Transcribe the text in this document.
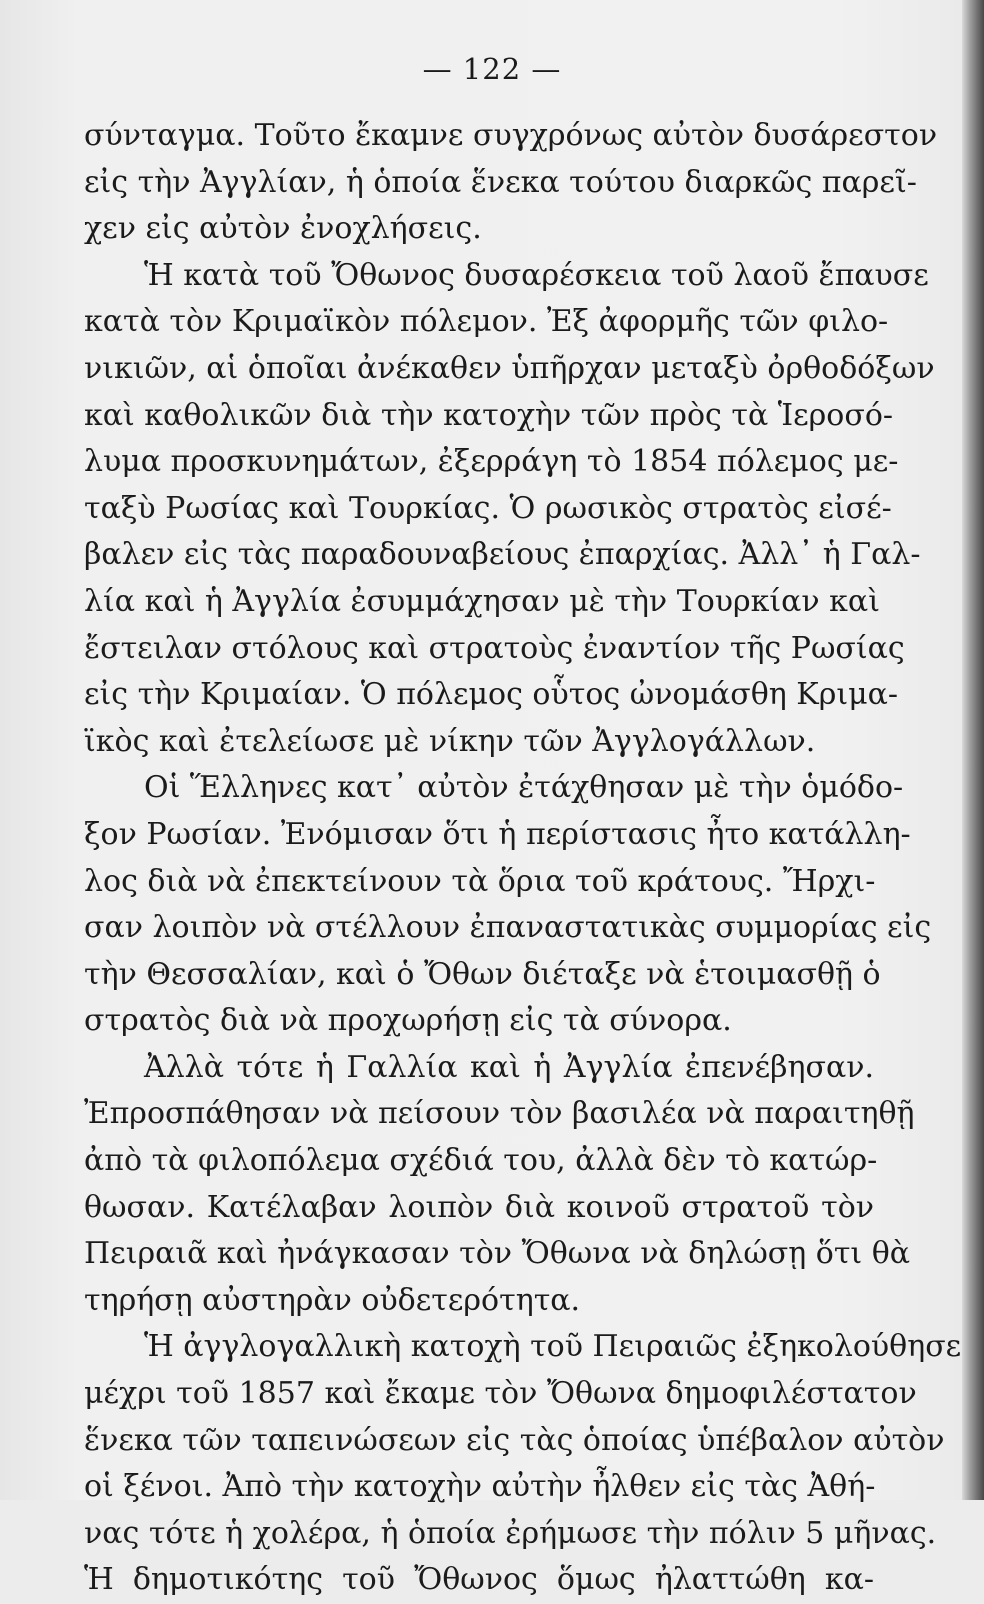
— 122 —
σύνταγμα. Τοῦτο ἔκαμνε συγχρόνως αὐτὸν δυσάρεστον
εἰς τὴν Ἀγγλίαν, ἡ ὁποία ἕνεκα τούτου διαρκῶς παρεῖ-
χεν εἰς αὐτὸν ἐνοχλήσεις.
Ἡ κατὰ τοῦ Ὄθωνος δυσαρέσκεια τοῦ λαοῦ ἔπαυσε
κατὰ τὸν Κριμαϊκὸν πόλεμον. Ἐξ ἀφορμῆς τῶν φιλο-
νικιῶν, αἱ ὁποῖαι ἀνέκαθεν ὑπῆρχαν μεταξὺ ὀρθοδόξων
καὶ καθολικῶν διὰ τὴν κατοχὴν τῶν πρὸς τὰ Ἱεροσό-
λυμα προσκυνημάτων, ἐξερράγη τὸ 1854 πόλεμος με-
ταξὺ Ρωσίας καὶ Τουρκίας. Ὁ ρωσικὸς στρατὸς εἰσέ-
βαλεν εἰς τὰς παραδουναβείους ἐπαρχίας. Ἀλλ᾽ ἡ Γαλ-
λία καὶ ἡ Ἀγγλία ἐσυμμάχησαν μὲ τὴν Τουρκίαν καὶ
ἔστειλαν στόλους καὶ στρατοὺς ἐναντίον τῆς Ρωσίας
εἰς τὴν Κριμαίαν. Ὁ πόλεμος οὗτος ὠνομάσθη Κριμα-
ϊκὸς καὶ ἐτελείωσε μὲ νίκην τῶν Ἀγγλογάλλων.
Οἱ Ἕλληνες κατ᾽ αὐτὸν ἐτάχθησαν μὲ τὴν ὁμόδο-
ξον Ρωσίαν. Ἐνόμισαν ὅτι ἡ περίστασις ἦτο κατάλλη-
λος διὰ νὰ ἐπεκτείνουν τὰ ὅρια τοῦ κράτους. Ἤρχι-
σαν λοιπὸν νὰ στέλλουν ἐπαναστατικὰς συμμορίας εἰς
τὴν Θεσσαλίαν, καὶ ὁ Ὄθων διέταξε νὰ ἑτοιμασθῇ ὁ
στρατὸς διὰ νὰ προχωρήσῃ εἰς τὰ σύνορα.
Ἀλλὰ τότε ἡ Γαλλία καὶ ἡ Ἀγγλία ἐπενέβησαν.
Ἐπροσπάθησαν νὰ πείσουν τὸν βασιλέα νὰ παραιτηθῇ
ἀπὸ τὰ φιλοπόλεμα σχέδιά του, ἀλλὰ δὲν τὸ κατώρ-
θωσαν. Κατέλαβαν λοιπὸν διὰ κοινοῦ στρατοῦ τὸν
Πειραιᾶ καὶ ἠνάγκασαν τὸν Ὄθωνα νὰ δηλώσῃ ὅτι θὰ
τηρήσῃ αὐστηρὰν οὐδετερότητα.
Ἡ ἀγγλογαλλικὴ κατοχὴ τοῦ Πειραιῶς ἐξηκολούθησε
μέχρι τοῦ 1857 καὶ ἔκαμε τὸν Ὄθωνα δημοφιλέστατον
ἕνεκα τῶν ταπεινώσεων εἰς τὰς ὁποίας ὑπέβαλον αὐτὸν
οἱ ξένοι. Ἀπὸ τὴν κατοχὴν αὐτὴν ἦλθεν εἰς τὰς Ἀθή-
νας τότε ἡ χολέρα, ἡ ὁποία ἐρήμωσε τὴν πόλιν 5 μῆνας.
Ἡ δημοτικότης τοῦ Ὄθωνος ὅμως ἠλαττώθη κα-
